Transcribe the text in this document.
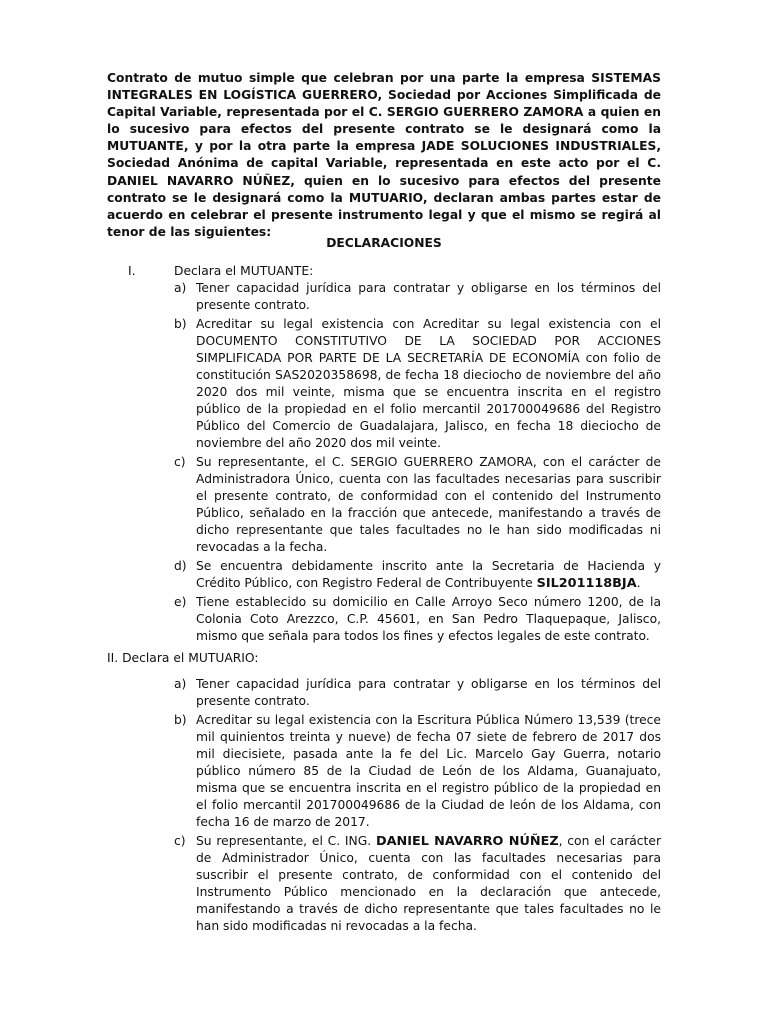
Contrato de mutuo simple que celebran por una parte la empresa SISTEMAS INTEGRALES EN LOGÍSTICA GUERRERO, Sociedad por Acciones Simplificada de Capital Variable, representada por el C. SERGIO GUERRERO ZAMORA a quien en lo sucesivo para efectos del presente contrato se le designará como la MUTUANTE, y por la otra parte la empresa JADE SOLUCIONES INDUSTRIALES, Sociedad Anónima de capital Variable, representada en este acto por el C. DANIEL NAVARRO NÚÑEZ, quien en lo sucesivo para efectos del presente contrato se le designará como la MUTUARIO, declaran ambas partes estar de acuerdo en celebrar el presente instrumento legal y que el mismo se regirá al tenor de las siguientes:

DECLARACIONES

I.	Declara el MUTUANTE:
a) Tener capacidad jurídica para contratar y obligarse en los términos del presente contrato.
b) Acreditar su legal existencia con Acreditar su legal existencia con el DOCUMENTO CONSTITUTIVO DE LA SOCIEDAD POR ACCIONES SIMPLIFICADA POR PARTE DE LA SECRETARÍA DE ECONOMÍA con folio de constitución SAS2020358698, de fecha 18 dieciocho de noviembre del año 2020 dos mil veinte, misma que se encuentra inscrita en el registro público de la propiedad en el folio mercantil 201700049686 del Registro Público del Comercio de Guadalajara, Jalisco, en fecha 18 dieciocho de noviembre del año 2020 dos mil veinte.
c) Su representante, el C. SERGIO GUERRERO ZAMORA, con el carácter de Administradora Único, cuenta con las facultades necesarias para suscribir el presente contrato, de conformidad con el contenido del Instrumento Público, señalado en la fracción que antecede, manifestando a través de dicho representante que tales facultades no le han sido modificadas ni revocadas a la fecha.
d) Se encuentra debidamente inscrito ante la Secretaria de Hacienda y Crédito Público, con Registro Federal de Contribuyente SIL201118BJA.
e) Tiene establecido su domicilio en Calle Arroyo Seco número 1200, de la Colonia Coto Arezzco, C.P. 45601, en San Pedro Tlaquepaque, Jalisco, mismo que señala para todos los fines y efectos legales de este contrato.
II. Declara el MUTUARIO:
a) Tener capacidad jurídica para contratar y obligarse en los términos del presente contrato.
b) Acreditar su legal existencia con la Escritura Pública Número 13,539 (trece mil quinientos treinta y nueve) de fecha 07 siete de febrero de 2017 dos mil diecisiete, pasada ante la fe del Lic. Marcelo Gay Guerra, notario público número 85 de la Ciudad de León de los Aldama, Guanajuato, misma que se encuentra inscrita en el registro público de la propiedad en el folio mercantil 201700049686 de la Ciudad de león de los Aldama, con fecha 16 de marzo de 2017.
c) Su representante, el C. ING. DANIEL NAVARRO NÚÑEZ, con el carácter de Administrador Único, cuenta con las facultades necesarias para suscribir el presente contrato, de conformidad con el contenido del Instrumento Público mencionado en la declaración que antecede, manifestando a través de dicho representante que tales facultades no le han sido modificadas ni revocadas a la fecha.
